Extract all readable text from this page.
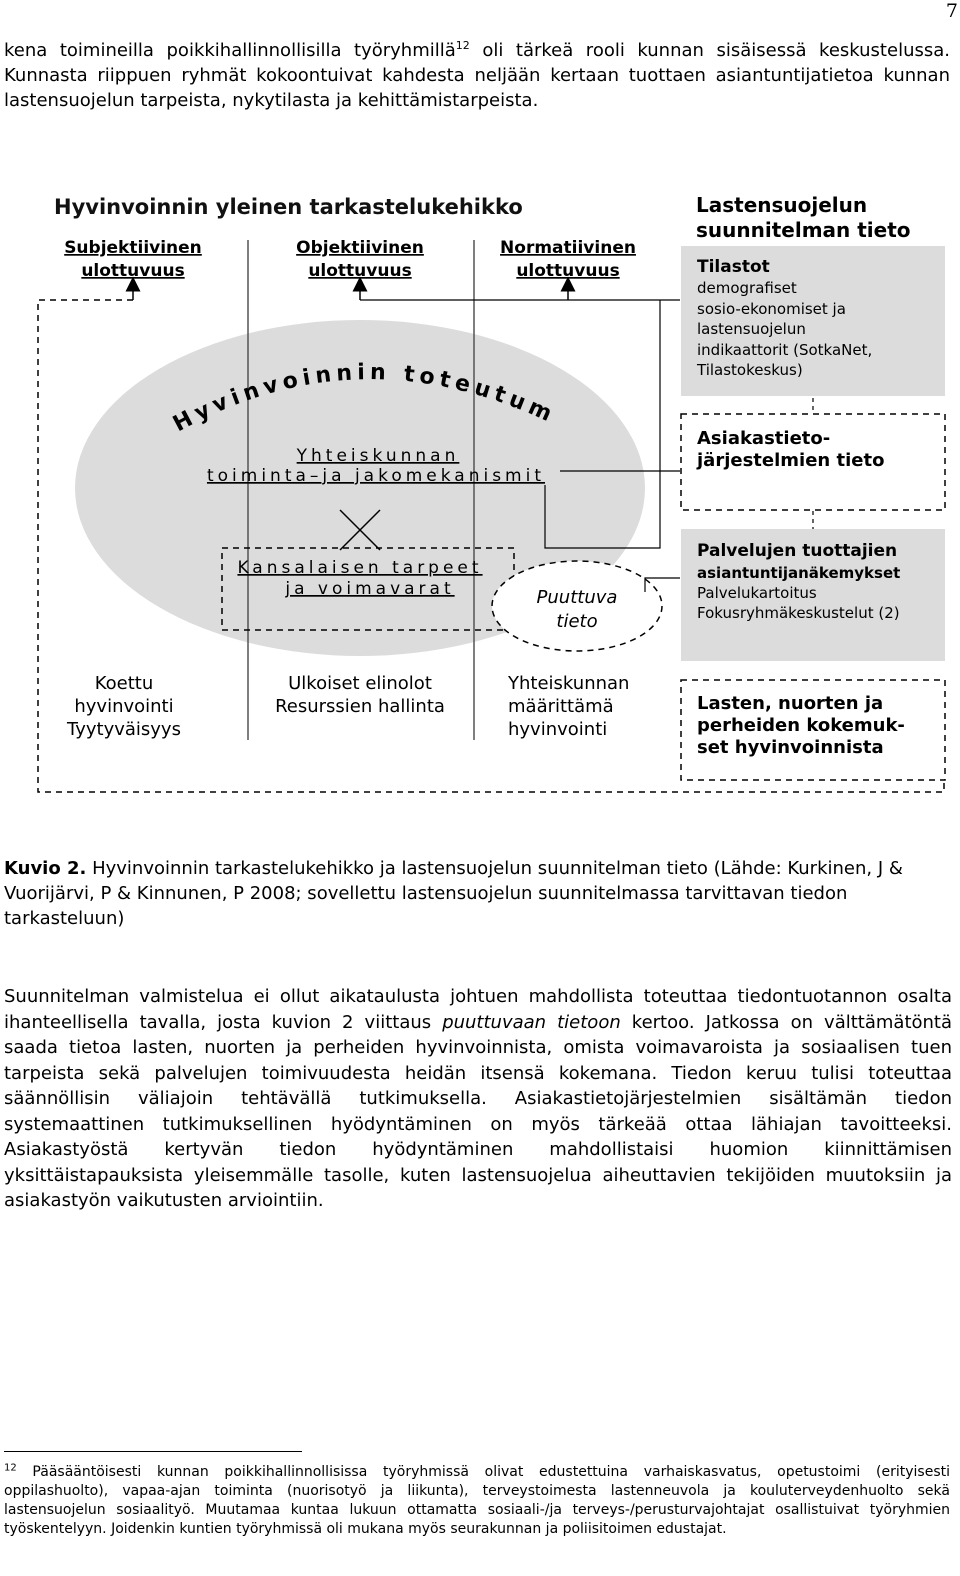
7

kena toimineilla poikkihallinnollisilla työryhmillä$^{12}$ oli tärkeä rooli kunnan sisäisessä keskustelussa. Kunnasta riippuen ryhmät kokoontuivat kahdesta neljään kertaan tuottaen asiantuntijatietoa kunnan lastensuojelun tarpeista, nykytilasta ja kehittämistarpeista.

Hyvinvoinnin yleinen tarkastelukehikko
Subjektiivinen
ulottuvuus
Objektiivinen
ulottuvuus
Normatiivinen
ulottuvuus
Hyvinvoinnin toteutum
Yhteiskunnan
toiminta–ja jakomekanismit
Kansalaisen tarpeet
ja voimavarat	Puuttuva
tieto
Koettu
hyvinvointi
Tyytyväisyys
Ulkoiset elinolot
Resurssien hallinta
Yhteiskunnan
määrittämä
hyvinvointi
Lastensuojelun
suunnitelman tieto
Tilastot
demografiset
sosio-ekonomiset ja
lastensuojelun
indikaattorit (SotkaNet,
Tilastokeskus)
Asiakastieto-
järjestelmien tieto
Palvelujen tuottajien
asiantuntijanäkemykset
Palvelukartoitus
Fokusryhmäkeskustelut (2)
Lasten, nuorten ja
perheiden kokemuk-
set hyvinvoinnista

Kuvio 2. Hyvinvoinnin tarkastelukehikko ja lastensuojelun suunnitelman tieto (Lähde: Kurkinen, J & Vuorijärvi, P & Kinnunen, P 2008; sovellettu lastensuojelun suunnitelmassa tarvittavan tiedon tarkasteluun)

Suunnitelman valmistelua ei ollut aikataulusta johtuen mahdollista toteuttaa tiedontuotannon osalta ihanteellisella tavalla, josta kuvion 2 viittaus puuttuvaan tietoon kertoo. Jatkossa on välttämätöntä saada tietoa lasten, nuorten ja perheiden hyvinvoinnista, omista voimavaroista ja sosiaalisen tuen tarpeista sekä palvelujen toimivuudesta heidän itsensä kokemana. Tiedon keruu tulisi toteuttaa säännöllisin väliajoin tehtävällä tutkimuksella. Asiakastietojärjestelmien sisältämän tiedon systemaattinen tutkimuksellinen hyödyntäminen on myös tärkeää ottaa lähiajan tavoitteeksi. Asiakastyöstä kertyvän tiedon hyödyntäminen mahdollistaisi huomion kiinnittämisen yksittäistapauksista yleisemmälle tasolle, kuten lastensuojelua aiheuttavien tekijöiden muutoksiin ja asiakastyön vaikutusten arviointiin.

$^{12}$ Pääsääntöisesti kunnan poikkihallinnollisissa työryhmissä olivat edustettuina varhaiskasvatus, opetustoimi (erityisesti oppilashuolto), vapaa-ajan toiminta (nuorisotyö ja liikunta), terveystoimesta lastenneuvola ja kouluterveydenhuolto sekä lastensuojelun sosiaalityö. Muutamaa kuntaa lukuun ottamatta sosiaali-/ja terveys-/perusturvajohtajat osallistuivat työryhmien työskentelyyn. Joidenkin kuntien työryhmissä oli mukana myös seurakunnan ja poliisitoimen edustajat.
